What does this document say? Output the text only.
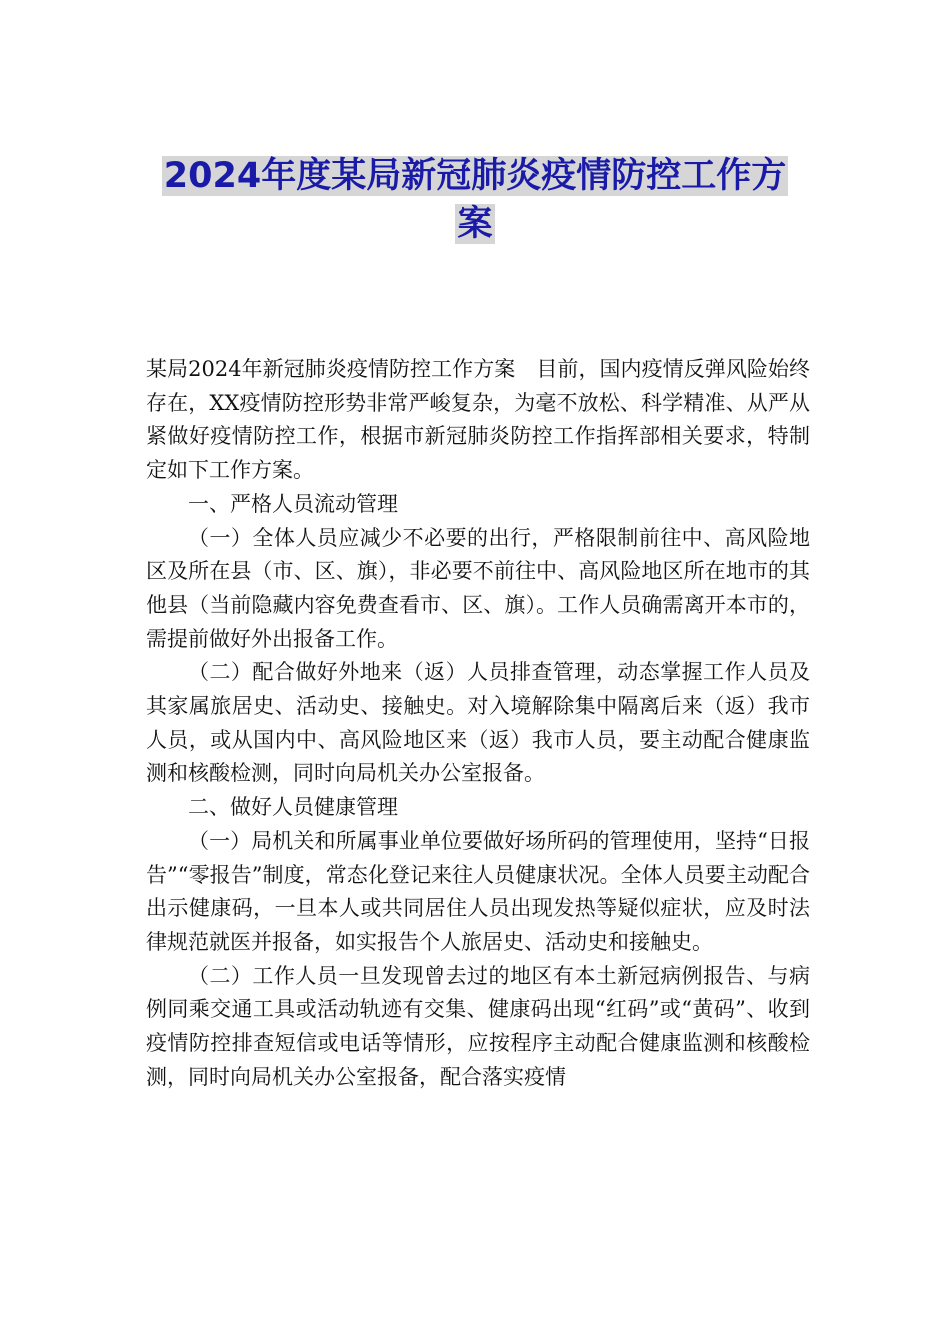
2024年度某局新冠肺炎疫情防控工作方
案

某局2024年新冠肺炎疫情防控工作方案　目前，国内疫情反弹风险始终存在，XX疫情防控形势非常严峻复杂，为毫不放松、科学精准、从严从紧做好疫情防控工作，根据市新冠肺炎防控工作指挥部相关要求，特制定如下工作方案。

一、严格人员流动管理

（一）全体人员应减少不必要的出行，严格限制前往中、高风险地区及所在县（市、区、旗），非必要不前往中、高风险地区所在地市的其他县（当前隐藏内容免费查看市、区、旗）。工作人员确需离开本市的，需提前做好外出报备工作。

（二）配合做好外地来（返）人员排查管理，动态掌握工作人员及其家属旅居史、活动史、接触史。对入境解除集中隔离后来（返）我市人员，或从国内中、高风险地区来（返）我市人员，要主动配合健康监测和核酸检测，同时向局机关办公室报备。

二、做好人员健康管理

（一）局机关和所属事业单位要做好场所码的管理使用，坚持“日报告”“零报告”制度，常态化登记来往人员健康状况。全体人员要主动配合出示健康码，一旦本人或共同居住人员出现发热等疑似症状，应及时法律规范就医并报备，如实报告个人旅居史、活动史和接触史。

（二）工作人员一旦发现曾去过的地区有本土新冠病例报告、与病例同乘交通工具或活动轨迹有交集、健康码出现“红码”或“黄码”、收到疫情防控排查短信或电话等情形，应按程序主动配合健康监测和核酸检测，同时向局机关办公室报备，配合落实疫情
